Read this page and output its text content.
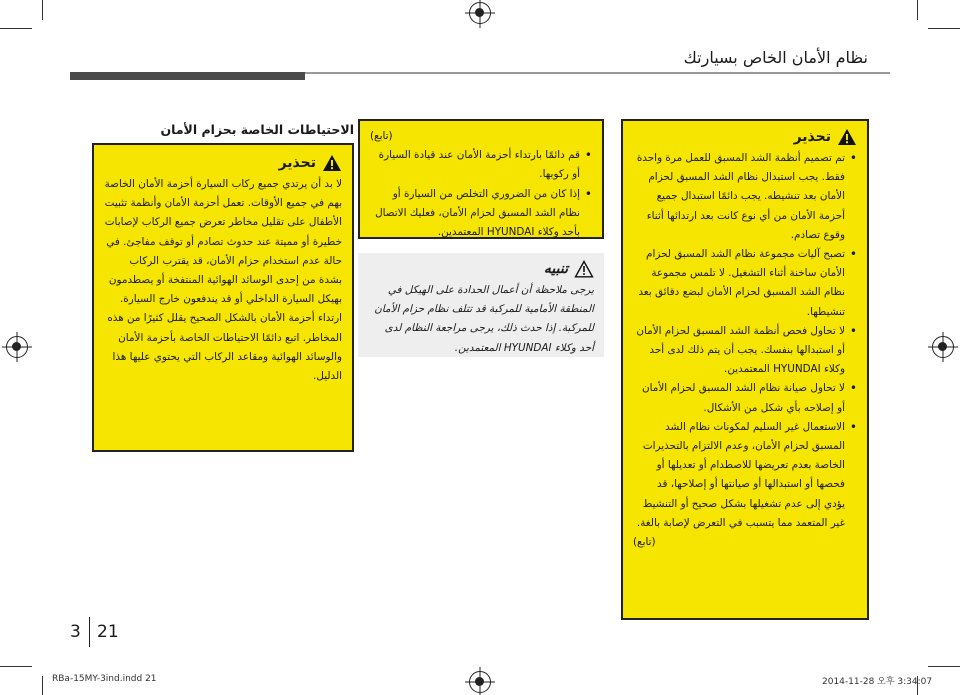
نظام الأمان الخاص بسيارتك
الاحتياطات الخاصة بحزام الأمان
تحذير
لا بد أن يرتدي جميع ركاب السيارة أحزمة الأمان الخاصة بهم في جميع الأوقات. تعمل أحزمة الأمان وأنظمة تثبيت الأطفال على تقليل مخاطر تعرض جميع الركاب لإصابات خطيرة أو مميتة عند حدوث تصادم أو توقف مفاجئ. في حالة عدم استخدام حزام الأمان، قد يقترب الركاب بشدة من إحدى الوسائد الهوائية المنتفخة أو يصطدمون بهيكل السيارة الداخلي أو قد يندفعون خارج السيارة. ارتداء أحزمة الأمان بالشكل الصحيح يقلل كثيرًا من هذه المخاطر. اتبع دائمًا الاحتياطات الخاصة بأحزمة الأمان والوسائد الهوائية ومقاعد الركاب التي يحتوي عليها هذا الدليل.
(تابع)
• قم دائمًا بارتداء أحزمة الأمان عند قيادة السيارة أو ركوبها.
• إذا كان من الضروري التخلص من السيارة أو نظام الشد المسبق لحزام الأمان، فعليك الاتصال بأحد وكلاء HYUNDAI المعتمدين.
تنبيه
يرجى ملاحظة أن أعمال الحدادة على الهيكل في المنطقة الأمامية للمركبة قد تتلف نظام حزام الأمان للمركبة. إذا حدث ذلك، يرجى مراجعة النظام لدى أحد وكلاء HYUNDAI المعتمدين.
تحذير
• تم تصميم أنظمة الشد المسبق للعمل مرة واحدة فقط. يجب استبدال نظام الشد المسبق لحزام الأمان بعد تنشيطه. يجب دائمًا استبدال جميع أحزمة الأمان من أي نوع كانت بعد ارتدائها أثناء وقوع تصادم.
• تصبح آليات مجموعة نظام الشد المسبق لحزام الأمان ساخنة أثناء التشغيل. لا تلمس مجموعة نظام الشد المسبق لحزام الأمان لبضع دقائق بعد تنشيطها.
• لا تحاول فحص أنظمة الشد المسبق لحزام الأمان أو استبدالها بنفسك. يجب أن يتم ذلك لدى أحد وكلاء HYUNDAI المعتمدين.
• لا تحاول صيانة نظام الشد المسبق لحزام الأمان أو إصلاحه بأي شكل من الأشكال.
• الاستعمال غير السليم لمكونات نظام الشد المسبق لحزام الأمان، وعدم الالتزام بالتحذيرات الخاصة بعدم تعريضها للاصطدام أو تعديلها أو فحصها أو استبدالها أو صيانتها أو إصلاحها، قد يؤدي إلى عدم تشغيلها بشكل صحيح أو التنشيط غير المتعمد مما يتسبب في التعرض لإصابة بالغة.
(تابع)
3 21
RBa-15MY-3ind.indd 21	2014-11-28 오후 3:34:07
